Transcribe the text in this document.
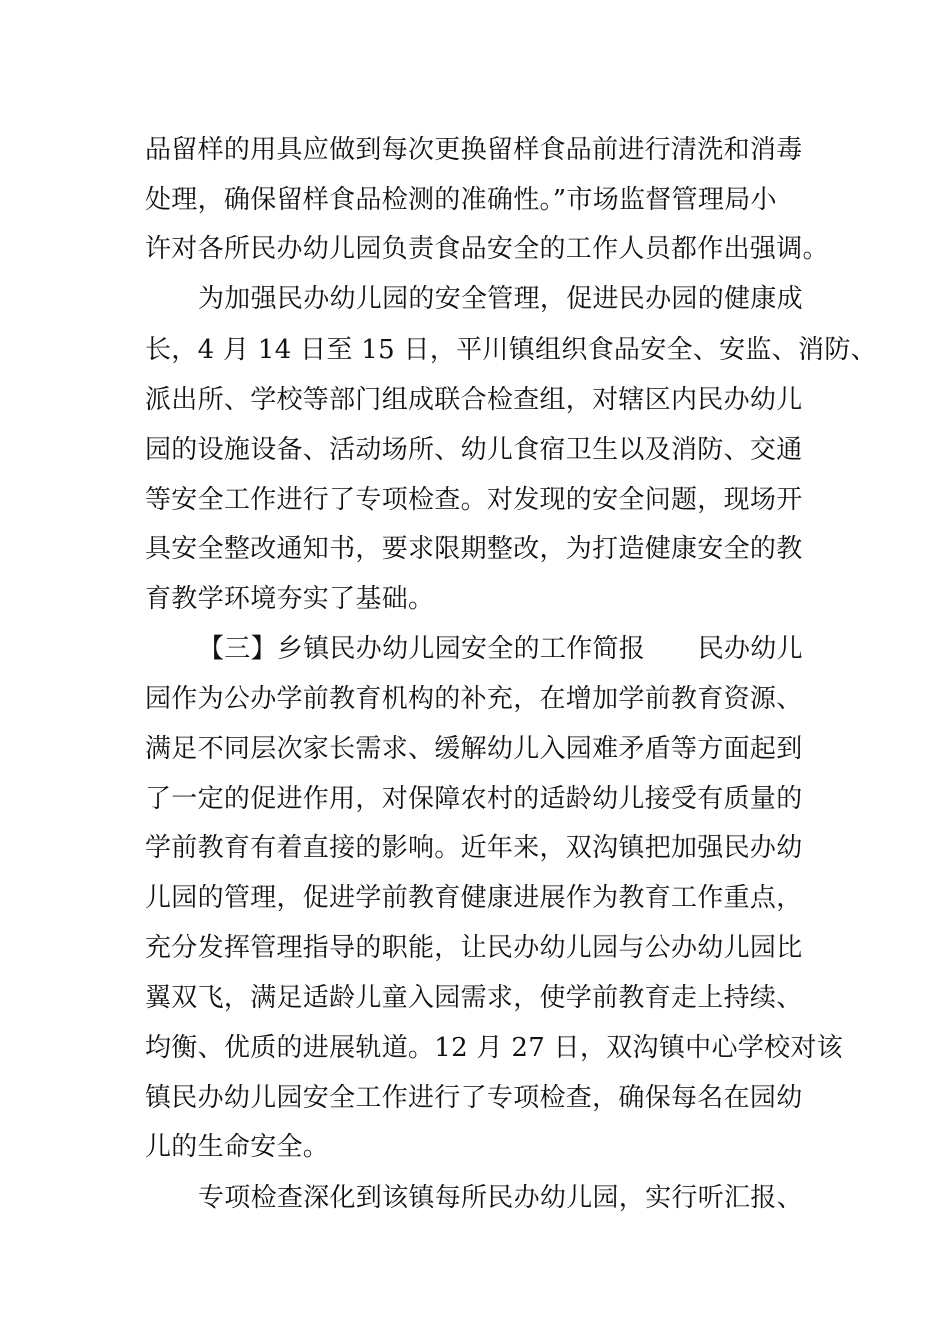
品留样的用具应做到每次更换留样食品前进行清洗和消毒
处理，确保留样食品检测的准确性。”市场监督管理局小
许对各所民办幼儿园负责食品安全的工作人员都作出强调。
为加强民办幼儿园的安全管理，促进民办园的健康成
长，4 月 14 日至 15 日，平川镇组织食品安全、安监、消防、
派出所、学校等部门组成联合检查组，对辖区内民办幼儿
园的设施设备、活动场所、幼儿食宿卫生以及消防、交通
等安全工作进行了专项检查。对发现的安全问题，现场开
具安全整改通知书，要求限期整改，为打造健康安全的教
育教学环境夯实了基础。
【三】乡镇民办幼儿园安全的工作简报　　民办幼儿
园作为公办学前教育机构的补充，在增加学前教育资源、
满足不同层次家长需求、缓解幼儿入园难矛盾等方面起到
了一定的促进作用，对保障农村的适龄幼儿接受有质量的
学前教育有着直接的影响。近年来，双沟镇把加强民办幼
儿园的管理，促进学前教育健康进展作为教育工作重点，
充分发挥管理指导的职能，让民办幼儿园与公办幼儿园比
翼双飞，满足适龄儿童入园需求，使学前教育走上持续、
均衡、优质的进展轨道。12 月 27 日，双沟镇中心学校对该
镇民办幼儿园安全工作进行了专项检查，确保每名在园幼
儿的生命安全。
专项检查深化到该镇每所民办幼儿园，实行听汇报、
